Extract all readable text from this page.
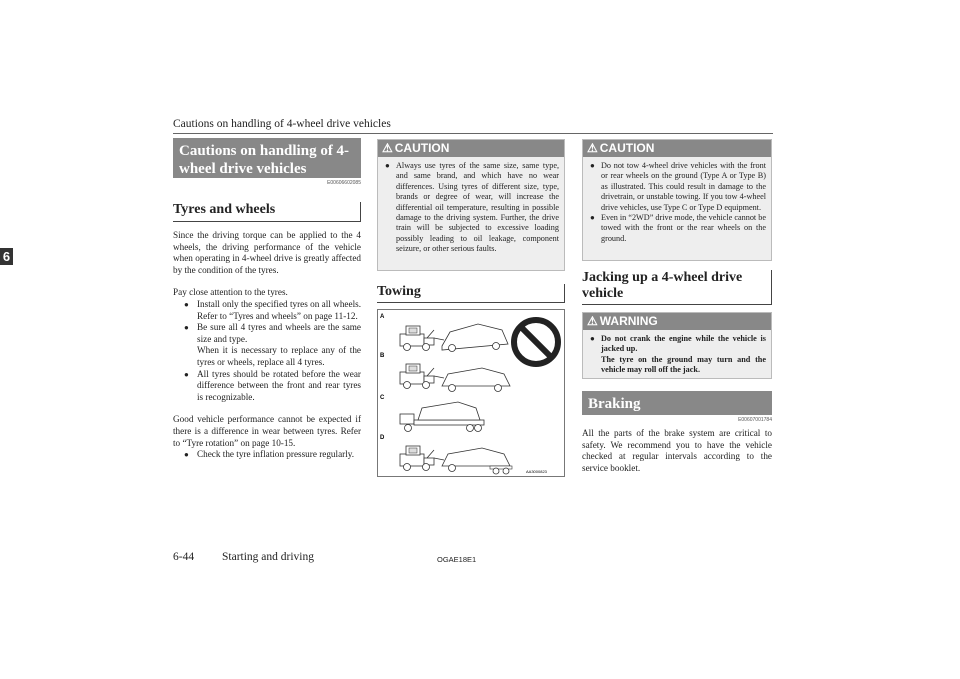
Cautions on handling of 4-wheel drive vehicles
6
Cautions on handling of 4-wheel drive vehicles
E00606602085
Tyres and wheels
Since the driving torque can be applied to the 4 wheels, the driving performance of the vehicle when operating in 4-wheel drive is greatly affected by the condition of the tyres.
Pay close attention to the tyres.
● Install only the specified tyres on all wheels. Refer to “Tyres and wheels” on page 11-12.
● Be sure all 4 tyres and wheels are the same size and type.
When it is necessary to replace any of the tyres or wheels, replace all 4 tyres.
● All tyres should be rotated before the wear difference between the front and rear tyres is recognizable.
Good vehicle performance cannot be expected if there is a difference in wear between tyres. Refer to “Tyre rotation” on page 10-15.
● Check the tyre inflation pressure regularly.
⚠ CAUTION
● Always use tyres of the same size, same type, and same brand, and which have no wear differences. Using tyres of different size, type, brands or degree of wear, will increase the differential oil temperature, resulting in possible damage to the driving system. Further, the drive train will be subjected to excessive loading possibly leading to oil leakage, component seizure, or other serious faults.
Towing
A
B
C
D
AA3000823
⚠ CAUTION
● Do not tow 4-wheel drive vehicles with the front or rear wheels on the ground (Type A or Type B) as illustrated. This could result in damage to the drivetrain, or unstable towing. If you tow 4-wheel drive vehicles, use Type C or Type D equipment.
● Even in “2WD” drive mode, the vehicle cannot be towed with the front or the rear wheels on the ground.
Jacking up a 4-wheel drive vehicle
⚠ WARNING
● Do not crank the engine while the vehicle is jacked up.
The tyre on the ground may turn and the vehicle may roll off the jack.
Braking
E00607001784
All the parts of the brake system are critical to safety. We recommend you to have the vehicle checked at regular intervals according to the service booklet.
6-44 Starting and driving	OGAE18E1
